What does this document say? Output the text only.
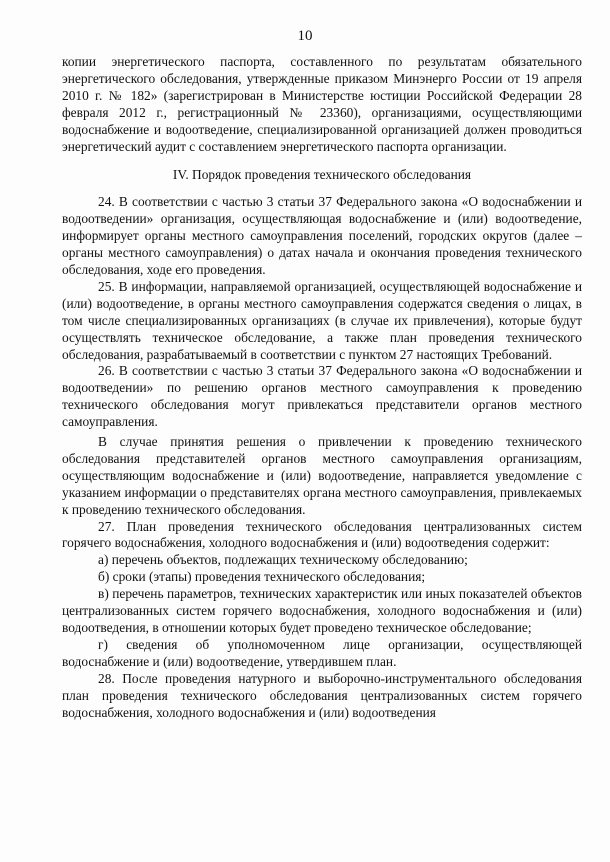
10

копии энергетического паспорта, составленного по результатам обязательного энергетического обследования, утвержденные приказом Минэнерго России от 19 апреля 2010 г. № 182» (зарегистрирован в Министерстве юстиции Российской Федерации 28 февраля 2012 г., регистрационный № 23360), организациями, осуществляющими водоснабжение и водоотведение, специализированной организацией должен проводиться энергетический аудит с составлением энергетического паспорта организации.

IV. Порядок проведения технического обследования

24. В соответствии с частью 3 статьи 37 Федерального закона «О водоснабжении и водоотведении» организация, осуществляющая водоснабжение и (или) водоотведение, информирует органы местного самоуправления поселений, городских округов (далее – органы местного самоуправления) о датах начала и окончания проведения технического обследования, ходе его проведения.

25. В информации, направляемой организацией, осуществляющей водоснабжение и (или) водоотведение, в органы местного самоуправления содержатся сведения о лицах, в том числе специализированных организациях (в случае их привлечения), которые будут осуществлять техническое обследование, а также план проведения технического обследования, разрабатываемый в соответствии с пунктом 27 настоящих Требований.

26. В соответствии с частью 3 статьи 37 Федерального закона «О водоснабжении и водоотведении» по решению органов местного самоуправления к проведению технического обследования могут привлекаться представители органов местного самоуправления.

В случае принятия решения о привлечении к проведению технического обследования представителей органов местного самоуправления организациям, осуществляющим водоснабжение и (или) водоотведение, направляется уведомление с указанием информации о представителях органа местного самоуправления, привлекаемых к проведению технического обследования.

27. План проведения технического обследования централизованных систем горячего водоснабжения, холодного водоснабжения и (или) водоотведения содержит:

а) перечень объектов, подлежащих техническому обследованию;

б) сроки (этапы) проведения технического обследования;

в) перечень параметров, технических характеристик или иных показателей объектов централизованных систем горячего водоснабжения, холодного водоснабжения и (или) водоотведения, в отношении которых будет проведено техническое обследование;

г) сведения об уполномоченном лице организации, осуществляющей водоснабжение и (или) водоотведение, утвердившем план.

28. После проведения натурного и выборочно-инструментального обследования план проведения технического обследования централизованных систем горячего водоснабжения, холодного водоснабжения и (или) водоотведения
